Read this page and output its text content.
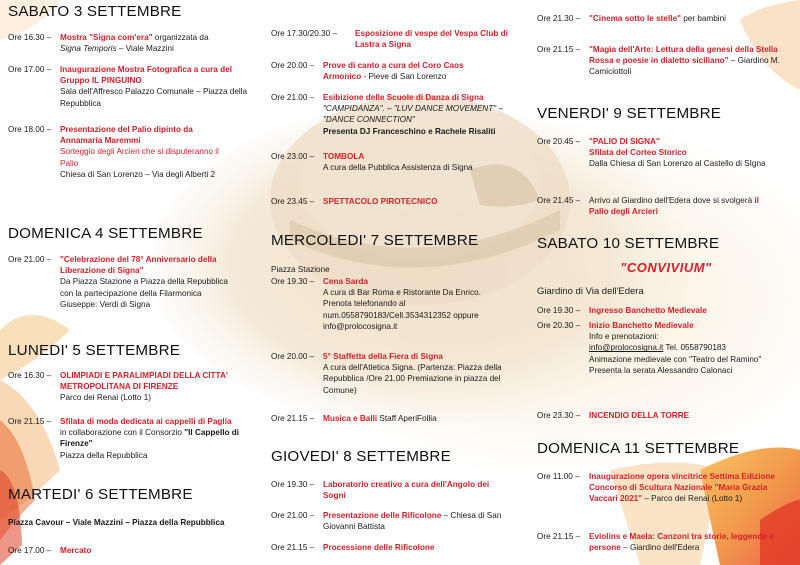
SABATO 3 SETTEMBRE
Ore 16.30 –	Mostra "Signa com'era" organizzata da
Signa Temporis – Viale Mazzini
Ore 17.00 –	Inaugurazione Mostra Fotografica a cura del Gruppo IL PINGUINO
Sala dell'Affresco Palazzo Comunale – Piazza della Repubblica
Ore 18.00 –	Presentazione del Palio dipinto da Annamaria Maremmi
Sorteggio degli Arcieri che si disputeranno il Palio
Chiesa di San Lorenzo – Via degli Alberti 2
DOMENICA 4 SETTEMBRE
Ore 21.00 –	"Celebrazione del 78° Anniversario della Liberazione di Signa"
Da Piazza Stazione a Piazza della Repubblica con la partecipazione della Filarmonica Giuseppe: Verdi di Signa
LUNEDI' 5 SETTEMBRE
Ore 16.30 –	OLIMPIADI E PARALIMPIADI DELLA CITTA' METROPOLITANA DI FIRENZE
Parco dei Renai (Lotto 1)
Ore 21.15 –	Sfilata di moda dedicata ai cappelli di Paglia in collaborazione con il Consorzio "Il Cappello di Firenze"
Piazza della Repubblica
MARTEDI' 6 SETTEMBRE
Piazza Cavour – Viale Mazzini – Piazza della Repubblica
Ore 17.00 –	Mercato
Ore 17.30/20.30 –	Esposizione di vespe del Vespa Club di Lastra a Signa
Ore 20.00 –	Prove di canto a cura del Coro Caos Armonico - Pieve di San Lorenzo
Ore 21.00 –	Esibizione delle Scuole di Danza di Signa
"CAMPIDANZA". – "LUV DANCE MOVEMENT" – "DANCE CONNECTION"
Presenta DJ Franceschino e Rachele Risaliti
Ore 23.00 –	TOMBOLA
A cura della Pubblica Assistenza di Signa
Ore 23.45 –	SPETTACOLO PIROTECNICO
MERCOLEDI' 7 SETTEMBRE
Piazza Stazione
Ore 19.30 –	Cena Sarda
A cura di Bar Roma e Ristorante Da Enrico. Prenota telefonando al num.0558790183/Cell.3534312352 oppure info@prolocosigna.it
Ore 20.00 –	5° Staffetta della Fiera di Signa
A cura dell'Atletica Signa. (Partenza: Piazza della Repubblica /Ore 21.00 Premiazione in piazza del Comune)
Ore 21.15 –	Musica e Balli Staff AperiFollia
GIOVEDI' 8 SETTEMBRE
Ore 19.30 –	Laboratorio creativo a cura dell'Angolo dei Sogni
Ore 21.00 –	Presentazione delle Rificolone – Chiesa di San Giovanni Battista
Ore 21.15 –	Processione delle Rificolone
Ore 21.30 –	"Cinema sotto le stelle" per bambini
Ore 21.15 –	"Magia dell'Arte: Lettura della genesi della Stella Rossa e poesie in dialetto siciliano" – Giardino M. Camiciottoli
VENERDI' 9 SETTEMBRE
Ore 20.45 –	"PALIO DI SIGNA"
Sfilata del Corteo Storico
Dalla Chiesa di San Lorenzo al Castello di SIgna
Ore 21.45 –	Arrivo al Giardino dell'Edera dove si svolgerà il Palio degli Arcieri
SABATO 10 SETTEMBRE
"CONVIVIUM"
Giardino di Via dell'Edera
Ore 19.30 –	Ingresso Banchetto Medievale
Ore 20.30 –	Inizio Banchetto Medievale
Info e prenotazioni:
info@prolocosigna.it Tel. 0558790183
Animazione medievale con "Teatro del Ramino"
Presenta la serata Alessandro Calonaci
Ore 23.30 –	INCENDIO DELLA TORRE
DOMENICA 11 SETTEMBRE
Ore 11.00 –	Inaugurazione opera vincitrice Settima Edizione Concorso di Scultura Nazionale "Maria Grazia Vaccari 2021" – Parco dei Renai (Lotto 1)
Ore 21.15 –	Eviolins e Maela: Canzoni tra storie, leggende e persone – Giardino dell'Edera
